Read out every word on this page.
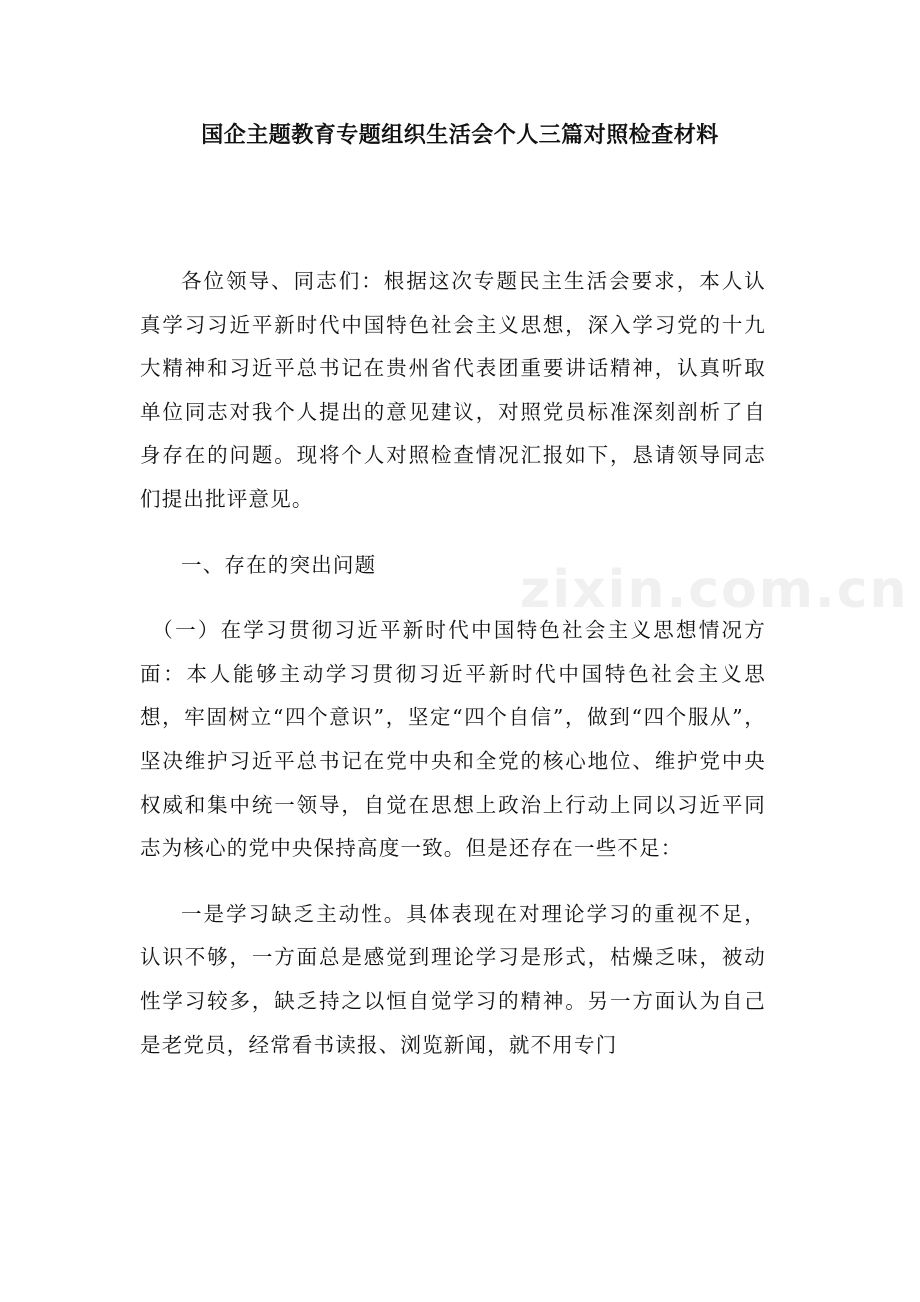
zixin.com.cn
国企主题教育专题组织生活会个人三篇对照检查材料

各位领导、同志们：根据这次专题民主生活会要求，本人认真学习习近平新时代中国特色社会主义思想，深入学习党的十九大精神和习近平总书记在贵州省代表团重要讲话精神，认真听取单位同志对我个人提出的意见建议，对照党员标准深刻剖析了自身存在的问题。现将个人对照检查情况汇报如下，恳请领导同志们提出批评意见。

一、存在的突出问题

（一）在学习贯彻习近平新时代中国特色社会主义思想情况方面：本人能够主动学习贯彻习近平新时代中国特色社会主义思想，牢固树立“四个意识”，坚定“四个自信”，做到“四个服从”，坚决维护习近平总书记在党中央和全党的核心地位、维护党中央权威和集中统一领导，自觉在思想上政治上行动上同以习近平同志为核心的党中央保持高度一致。但是还存在一些不足：

一是学习缺乏主动性。具体表现在对理论学习的重视不足，认识不够，一方面总是感觉到理论学习是形式，枯燥乏味，被动性学习较多，缺乏持之以恒自觉学习的精神。另一方面认为自己是老党员，经常看书读报、浏览新闻，就不用专门
